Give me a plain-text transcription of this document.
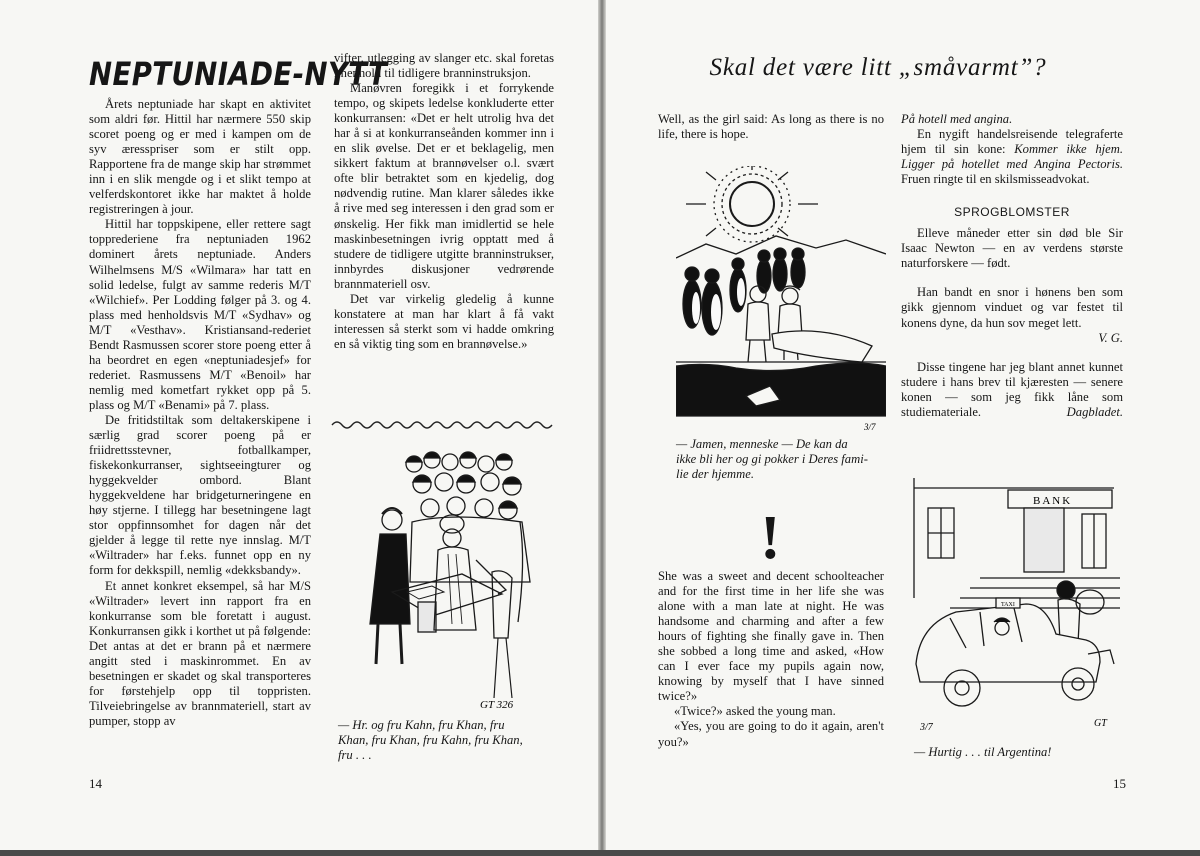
NEPTUNIADE-NYTT

Årets neptuniade har skapt en aktivitet som aldri før. Hittil har nærmere 550 skip scoret poeng og er med i kampen om de syv æresspriser som er stilt opp. Rapportene fra de mange skip har strømmet inn i en slik mengde og i et slikt tempo at velferdskontoret ikke har maktet å holde registreringen à jour.

Hittil har toppskipene, eller rettere sagt topprederiene fra neptuniaden 1962 dominert årets neptuniade. Anders Wilhelmsens M/S «Wilmara» har tatt en solid ledelse, fulgt av samme rederis M/T «Wilchief». Per Lodding følger på 3. og 4. plass med henholdsvis M/T «Sydhav» og M/T «Vesthav». Kristiansand-rederiet Bendt Rasmussen scorer store poeng etter å ha beordret en egen «neptuniadesjef» for rederiet. Rasmussens M/T «Benoil» har nemlig med kometfart rykket opp på 5. plass og M/T «Benami» på 7. plass.

De fritidstiltak som deltakerskipene i særlig grad scorer poeng på er friidrettsstevner, fotballkamper, fiskekonkurranser, sightseeingturer og hyggekvelder ombord. Blant hyggekveldene har bridgeturneringene en høy stjerne. I tillegg har besetningene lagt stor oppfinnsomhet for dagen når det gjelder å legge til rette nye innslag. M/T «Wiltrader» har f.eks. funnet opp en ny form for dekkspill, nemlig «dekksbandy».

Et annet konkret eksempel, så har M/S «Wiltrader» levert inn rapport fra en konkurranse som ble foretatt i august. Konkurransen gikk i korthet ut på følgende: Det antas at det er brann på et nærmere angitt sted i maskinrommet. En av besetningen er skadet og skal transporteres for førstehjelp opp til toppristen. Tilveiebringelse av brannmateriell, start av pumper, stopp av

vifter, utlegging av slanger etc. skal foretas i henhold til tidligere branninstruksjon.

Manøvren foregikk i et forrykende tempo, og skipets ledelse konkluderte etter konkurransen: «Det er helt utrolig hva det har å si at konkurranseånden kommer inn i en slik øvelse. Det er et beklagelig, men sikkert faktum at brannøvelser o.l. svært ofte blir betraktet som en kjedelig, dog nødvendig rutine. Man klarer således ikke å rive med seg interessen i den grad som er ønskelig. Her fikk man imidlertid se hele maskinbesetningen ivrig opptatt med å studere de tidligere utgitte branninstrukser, innbyrdes diskusjoner vedrørende brannmateriell osv.

Det var virkelig gledelig å kunne konstatere at man har klart å få vakt interessen så sterkt som vi hadde omkring en så viktig ting som en brannøvelse.»

GT 326
— Hr. og fru Kahn, fru Khan, fru
Khan, fru Khan, fru Kahn, fru Khan,
fru . . .
14
Skal det være litt „småvarmt”?

Well, as the girl said: As long as there is no life, there is hope.

3/7
— Jamen, menneske — De kan da
ikke bli her og gi pokker i Deres fami-
lie der hjemme.
!

She was a sweet and decent schoolteacher and for the first time in her life she was alone with a man late at night. He was handsome and charming and after a few hours of fighting she finally gave in. Then she sobbed a long time and asked, «How can I ever face my pupils again now, knowing by myself that I have sinned twice?»

«Twice?» asked the young man.

«Yes, you are going to do it again, aren't you?»

På hotell med angina.

En nygift handelsreisende telegraferte hjem til sin kone: Kommer ikke hjem. Ligger på hotellet med Angina Pectoris. Fruen ringte til en skilsmisseadvokat.

SPROGBLOMSTER

Elleve måneder etter sin død ble Sir Isaac Newton — en av verdens største naturforskere — født.

Han bandt en snor i hønens ben som gikk gjennom vinduet og var festet til konens dyne, da hun sov meget lett.

V. G.

Disse tingene har jeg blant annet kunnet studere i hans brev til kjæresten — senere konen — som jeg fikk låne som studiemateriale.	Dagbladet.

BANK
TAXI
3/7	GT
— Hurtig . . . til Argentina!
15
